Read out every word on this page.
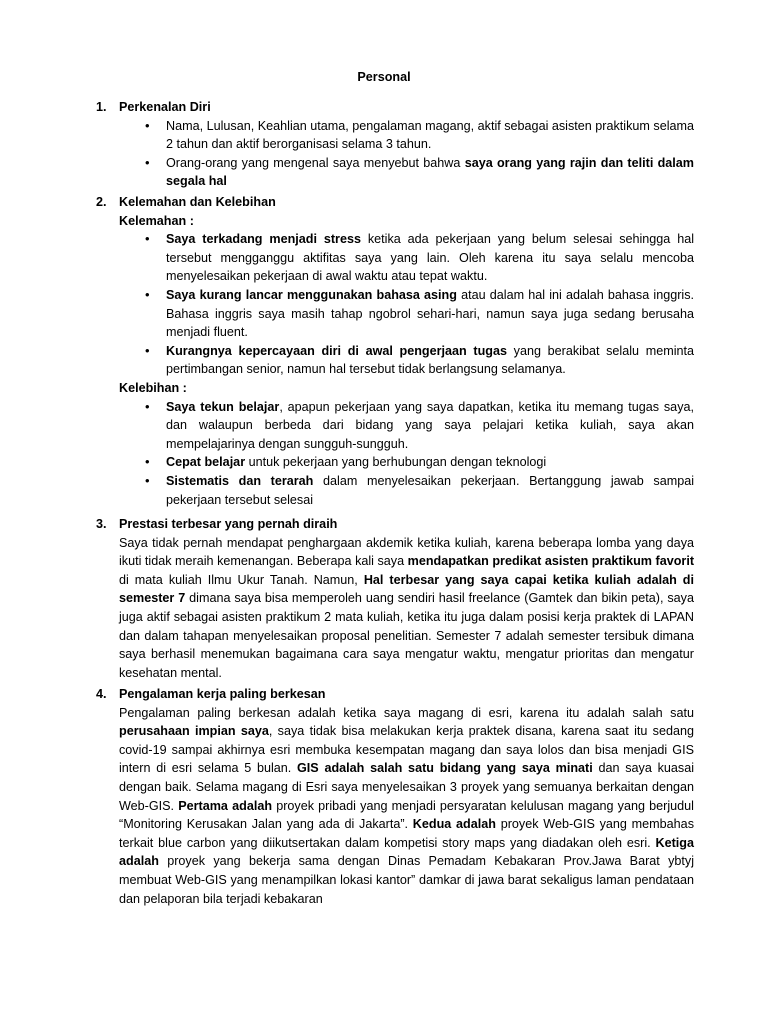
Personal
1. Perkenalan Diri
• Nama, Lulusan, Keahlian utama, pengalaman magang, aktif sebagai asisten praktikum selama 2 tahun dan aktif berorganisasi selama 3 tahun.
• Orang-orang yang mengenal saya menyebut bahwa saya orang yang rajin dan teliti dalam segala hal
2. Kelemahan dan Kelebihan
Kelemahan :
• Saya terkadang menjadi stress ketika ada pekerjaan yang belum selesai sehingga hal tersebut mengganggu aktifitas saya yang lain. Oleh karena itu saya selalu mencoba menyelesaikan pekerjaan di awal waktu atau tepat waktu.
• Saya kurang lancar menggunakan bahasa asing atau dalam hal ini adalah bahasa inggris. Bahasa inggris saya masih tahap ngobrol sehari-hari, namun saya juga sedang berusaha menjadi fluent.
• Kurangnya kepercayaan diri di awal pengerjaan tugas yang berakibat selalu meminta pertimbangan senior, namun hal tersebut tidak berlangsung selamanya.
Kelebihan :
• Saya tekun belajar, apapun pekerjaan yang saya dapatkan, ketika itu memang tugas saya, dan walaupun berbeda dari bidang yang saya pelajari ketika kuliah, saya akan mempelajarinya dengan sungguh-sungguh.
• Cepat belajar untuk pekerjaan yang berhubungan dengan teknologi
• Sistematis dan terarah dalam menyelesaikan pekerjaan. Bertanggung jawab sampai pekerjaan tersebut selesai
3. Prestasi terbesar yang pernah diraih
Saya tidak pernah mendapat penghargaan akdemik ketika kuliah, karena beberapa lomba yang daya ikuti tidak meraih kemenangan. Beberapa kali saya mendapatkan predikat asisten praktikum favorit di mata kuliah Ilmu Ukur Tanah. Namun, Hal terbesar yang saya capai ketika kuliah adalah di semester 7 dimana saya bisa memperoleh uang sendiri hasil freelance (Gamtek dan bikin peta), saya juga aktif sebagai asisten praktikum 2 mata kuliah, ketika itu juga dalam posisi kerja praktek di LAPAN dan dalam tahapan menyelesaikan proposal penelitian. Semester 7 adalah semester tersibuk dimana saya berhasil menemukan bagaimana cara saya mengatur waktu, mengatur prioritas dan mengatur kesehatan mental.
4. Pengalaman kerja paling berkesan
Pengalaman paling berkesan adalah ketika saya magang di esri, karena itu adalah salah satu perusahaan impian saya, saya tidak bisa melakukan kerja praktek disana, karena saat itu sedang covid-19 sampai akhirnya esri membuka kesempatan magang dan saya lolos dan bisa menjadi GIS intern di esri selama 5 bulan. GIS adalah salah satu bidang yang saya minati dan saya kuasai dengan baik. Selama magang di Esri saya menyelesaikan 3 proyek yang semuanya berkaitan dengan Web-GIS. Pertama adalah proyek pribadi yang menjadi persyaratan kelulusan magang yang berjudul “Monitoring Kerusakan Jalan yang ada di Jakarta”. Kedua adalah proyek Web-GIS yang membahas terkait blue carbon yang diikutsertakan dalam kompetisi story maps yang diadakan oleh esri. Ketiga adalah proyek yang bekerja sama dengan Dinas Pemadam Kebakaran Prov.Jawa Barat ybtyj membuat Web-GIS yang menampilkan lokasi kantor” damkar di jawa barat sekaligus laman pendataan dan pelaporan bila terjadi kebakaran
